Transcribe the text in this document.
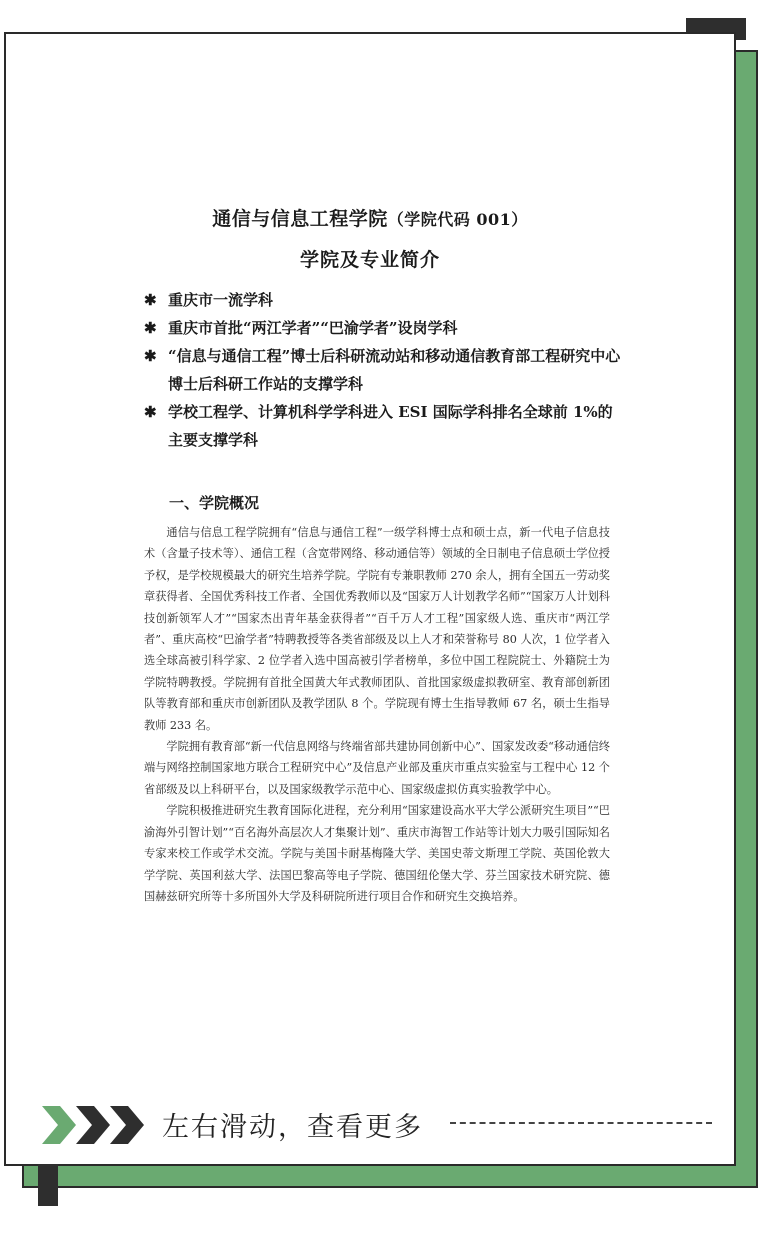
通信与信息工程学院（学院代码 001）
学院及专业简介
✱ 重庆市一流学科
✱ 重庆市首批“两江学者”“巴渝学者”设岗学科
✱ “信息与通信工程”博士后科研流动站和移动通信教育部工程研究中心博士后科研工作站的支撑学科
✱ 学校工程学、计算机科学学科进入 ESI 国际学科排名全球前 1%的主要支撑学科
一、学院概况

通信与信息工程学院拥有“信息与通信工程”一级学科博士点和硕士点，新一代电子信息技术（含量子技术等）、通信工程（含宽带网络、移动通信等）领域的全日制电子信息硕士学位授予权，是学校规模最大的研究生培养学院。学院有专兼职教师 270 余人，拥有全国五一劳动奖章获得者、全国优秀科技工作者、全国优秀教师以及“国家万人计划教学名师”“国家万人计划科技创新领军人才”“国家杰出青年基金获得者”“百千万人才工程”国家级人选、重庆市“两江学者”、重庆高校“巴渝学者”特聘教授等各类省部级及以上人才和荣誉称号 80 人次，1 位学者入选全球高被引科学家、2 位学者入选中国高被引学者榜单，多位中国工程院院士、外籍院士为学院特聘教授。学院拥有首批全国黄大年式教师团队、首批国家级虚拟教研室、教育部创新团队等教育部和重庆市创新团队及教学团队 8 个。学院现有博士生指导教师 67 名，硕士生指导教师 233 名。

学院拥有教育部“新一代信息网络与终端省部共建协同创新中心”、国家发改委“移动通信终端与网络控制国家地方联合工程研究中心”及信息产业部及重庆市重点实验室与工程中心 12 个省部级及以上科研平台，以及国家级教学示范中心、国家级虚拟仿真实验教学中心。

学院积极推进研究生教育国际化进程，充分利用“国家建设高水平大学公派研究生项目”“巴渝海外引智计划”“百名海外高层次人才集聚计划”、重庆市海智工作站等计划大力吸引国际知名专家来校工作或学术交流。学院与美国卡耐基梅隆大学、美国史蒂文斯理工学院、英国伦敦大学学院、英国利兹大学、法国巴黎高等电子学院、德国纽伦堡大学、芬兰国家技术研究院、德国赫兹研究所等十多所国外大学及科研院所进行项目合作和研究生交换培养。

左右滑动，查看更多
